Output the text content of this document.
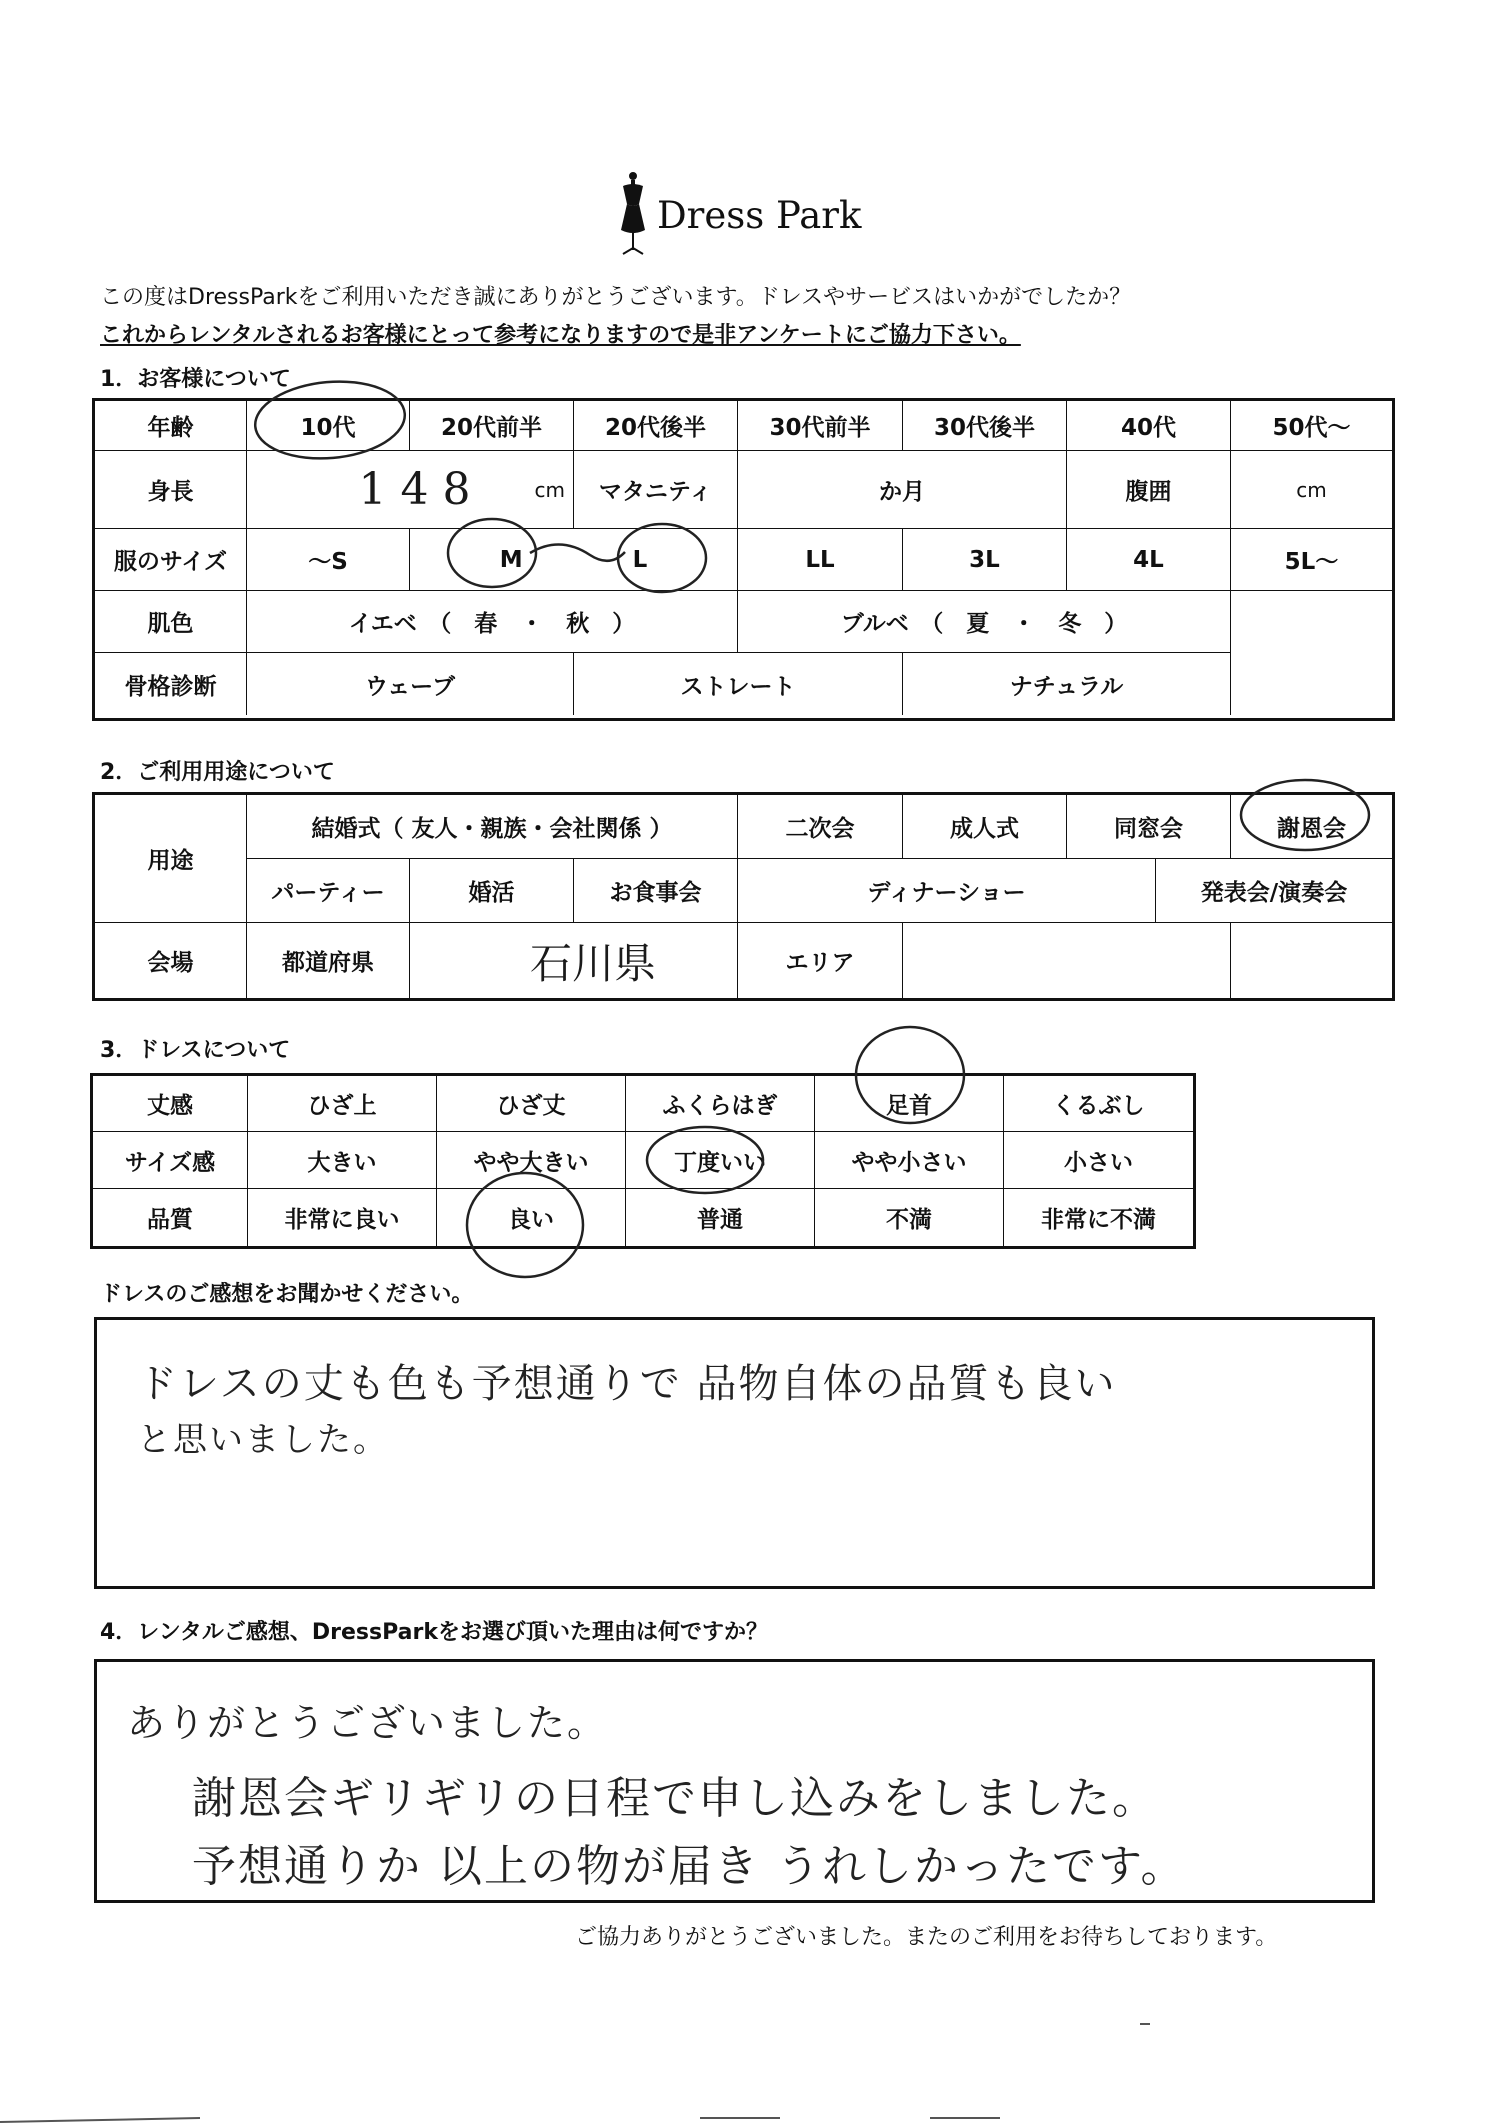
Dress Park
この度はDressParkをご利用いただき誠にありがとうございます。ドレスやサービスはいかがでしたか？
これからレンタルされるお客様にとって参考になりますので是非アンケートにご協力下さい。
1．お客様について
年齢	10代	20代前半	20代後半	30代前半	30代後半	40代	50代〜
身長	148	cm	マタニティ	か月	腹囲	cm
服のサイズ	〜S	M	L	LL	3L	4L	5L〜
肌色	イエベ　（　春　・　秋　）	ブルベ　（　夏　・　冬　）
骨格診断	ウェーブ	ストレート	ナチュラル
2．ご利用用途について
用途
結婚式（ 友人・親族・会社関係 ）	二次会	成人式	同窓会	謝恩会
パーティー	婚活	お食事会	ディナーショー	発表会/演奏会
会場	都道府県	石川県	エリア
3．ドレスについて
丈感	ひざ上	ひざ丈	ふくらはぎ	足首	くるぶし
サイズ感	大きい	やや大きい	丁度いい	やや小さい	小さい
品質	非常に良い	良い	普通	不満	非常に不満
ドレスのご感想をお聞かせください。
ドレスの丈も色も予想通りで 品物自体の品質も良い
と思いました。
4．レンタルご感想、DressParkをお選び頂いた理由は何ですか？
ありがとうございました。
謝恩会ギリギリの日程で申し込みをしました。
予想通りか 以上の物が届き うれしかったです。
ご協力ありがとうございました。またのご利用をお待ちしております。
